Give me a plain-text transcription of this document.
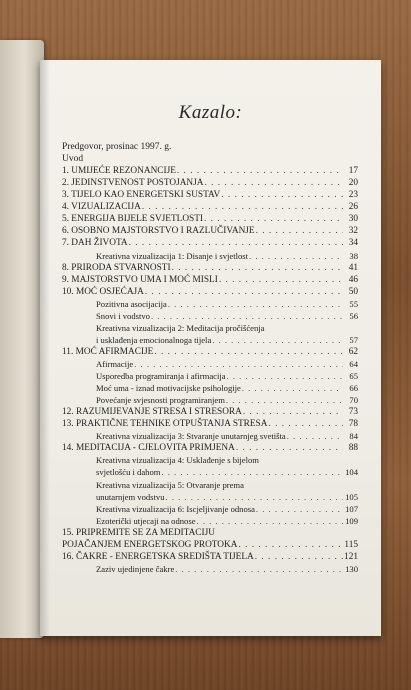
Kazalo:
Predgovor, prosinac 1997. g.
Uvod
1. UMIJEĆE REZONANCIJE . . .	17
2. JEDINSTVENOST POSTOJANJA . . .	20
3. TIJELO KAO ENERGETSKI SUSTAV . . .	23
4. VIZUALIZACIJA . . .	26
5. ENERGIJA BIJELE SVJETLOSTI . . .	30
6. OSOBNO MAJSTORSTVO I RAZLUČIVANJE . . .	32
7. DAH ŽIVOTA . . .	34
Kreativna vizualizacija 1: Disanje i svjetlost . . .	38
8. PRIRODA STVARNOSTI . . .	41
9. MAJSTORSTVO UMA I MOĆ MISLI . . .	46
10. MOĆ OSJEĆAJA . . .	50
Pozitivna asocijacija . . .	55
Snovi i vodstvo . . .	56
Kreativna vizualizacija 2: Meditacija pročišćenja
i usklađenja emocionalnoga tijela . . .	57
11. MOĆ AFIRMACIJE . . .	62
Afirmacije . . .	64
Usporedba programiranja i afirmacija . . .	65
Moć uma - iznad motivacijske psihologije . . .	66
Povećanje svjesnosti programiranjem . . .	70
12. RAZUMIJEVANJE STRESA I STRESORA . . .	73
13. PRAKTIČNE TEHNIKE OTPUŠTANJA STRESA . . .	78
Kreativna vizualizacija 3: Stvaranje unutarnjeg svetišta . . .	84
14. MEDITACIJA - CJELOVITA PRIMJENA . . .	88
Kreativna vizualizacija 4: Usklađenje s bijelom
svjetlošću i dahom . . .	104
Kreativna vizualizacija 5: Otvaranje prema
unutarnjem vodstvu . . .	105
Kreativna vizualizacija 6: Iscjeljivanje odnosa . . .	107
Ezoterički utjecaji na odnose . . .	109
15. PRIPREMITE SE ZA MEDITACIJU
POJAČANJEM ENERGETSKOG PROTOKA . . .	115
16. ČAKRE - ENERGETSKA SREDIŠTA TIJELA . . .	121
Zaziv ujedinjene čakre . . .	130
